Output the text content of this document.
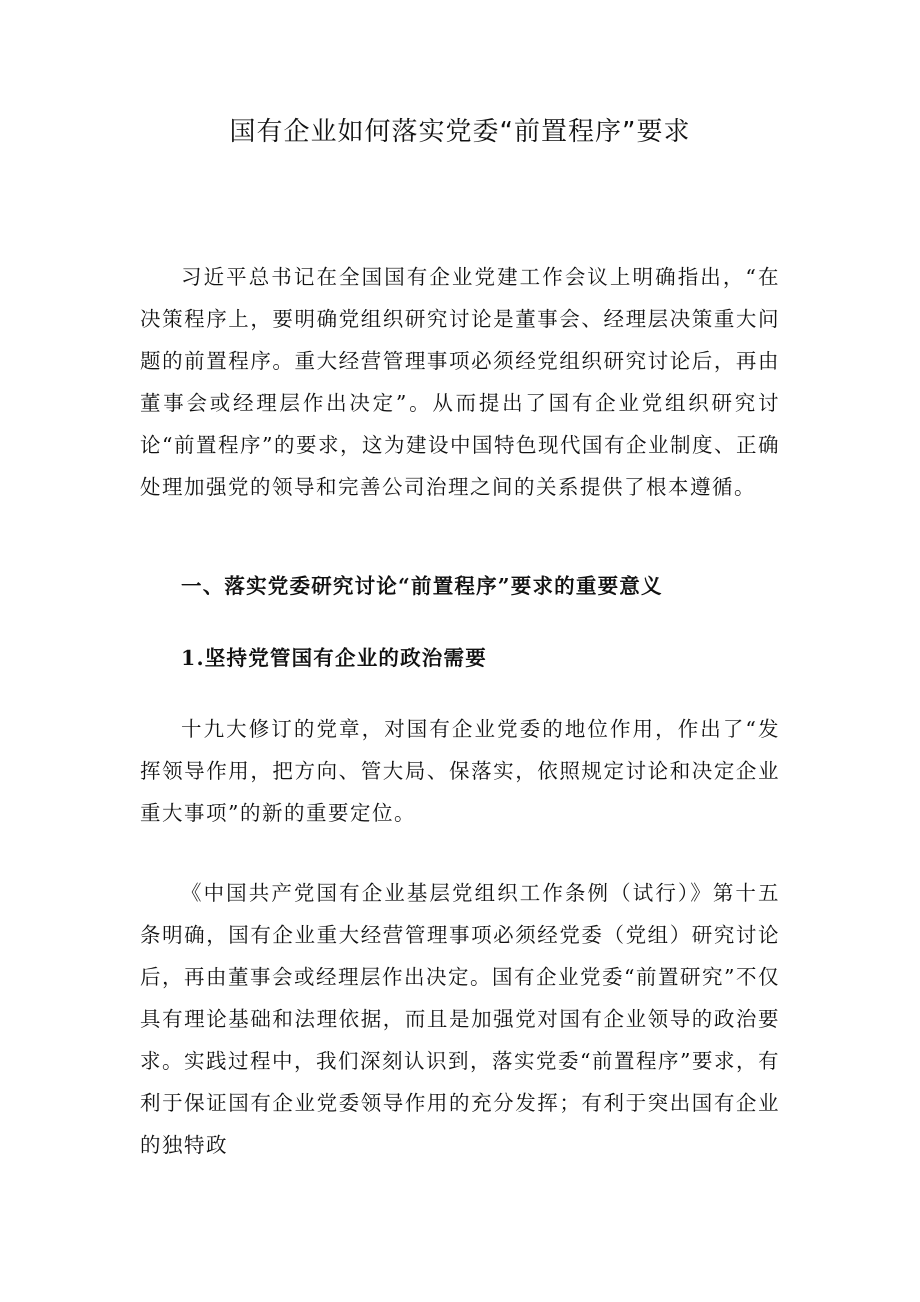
国有企业如何落实党委“前置程序”要求

习近平总书记在全国国有企业党建工作会议上明确指出，“在决策程序上，要明确党组织研究讨论是董事会、经理层决策重大问题的前置程序。重大经营管理事项必须经党组织研究讨论后，再由董事会或经理层作出决定”。从而提出了国有企业党组织研究讨论“前置程序”的要求，这为建设中国特色现代国有企业制度、正确处理加强党的领导和完善公司治理之间的关系提供了根本遵循。

一、落实党委研究讨论“前置程序”要求的重要意义

1.坚持党管国有企业的政治需要

十九大修订的党章，对国有企业党委的地位作用，作出了“发挥领导作用，把方向、管大局、保落实，依照规定讨论和决定企业重大事项”的新的重要定位。

《中国共产党国有企业基层党组织工作条例（试行）》第十五条明确，国有企业重大经营管理事项必须经党委（党组）研究讨论后，再由董事会或经理层作出决定。国有企业党委“前置研究”不仅具有理论基础和法理依据，而且是加强党对国有企业领导的政治要求。实践过程中，我们深刻认识到，落实党委“前置程序”要求，有利于保证国有企业党委领导作用的充分发挥；有利于突出国有企业的独特政
